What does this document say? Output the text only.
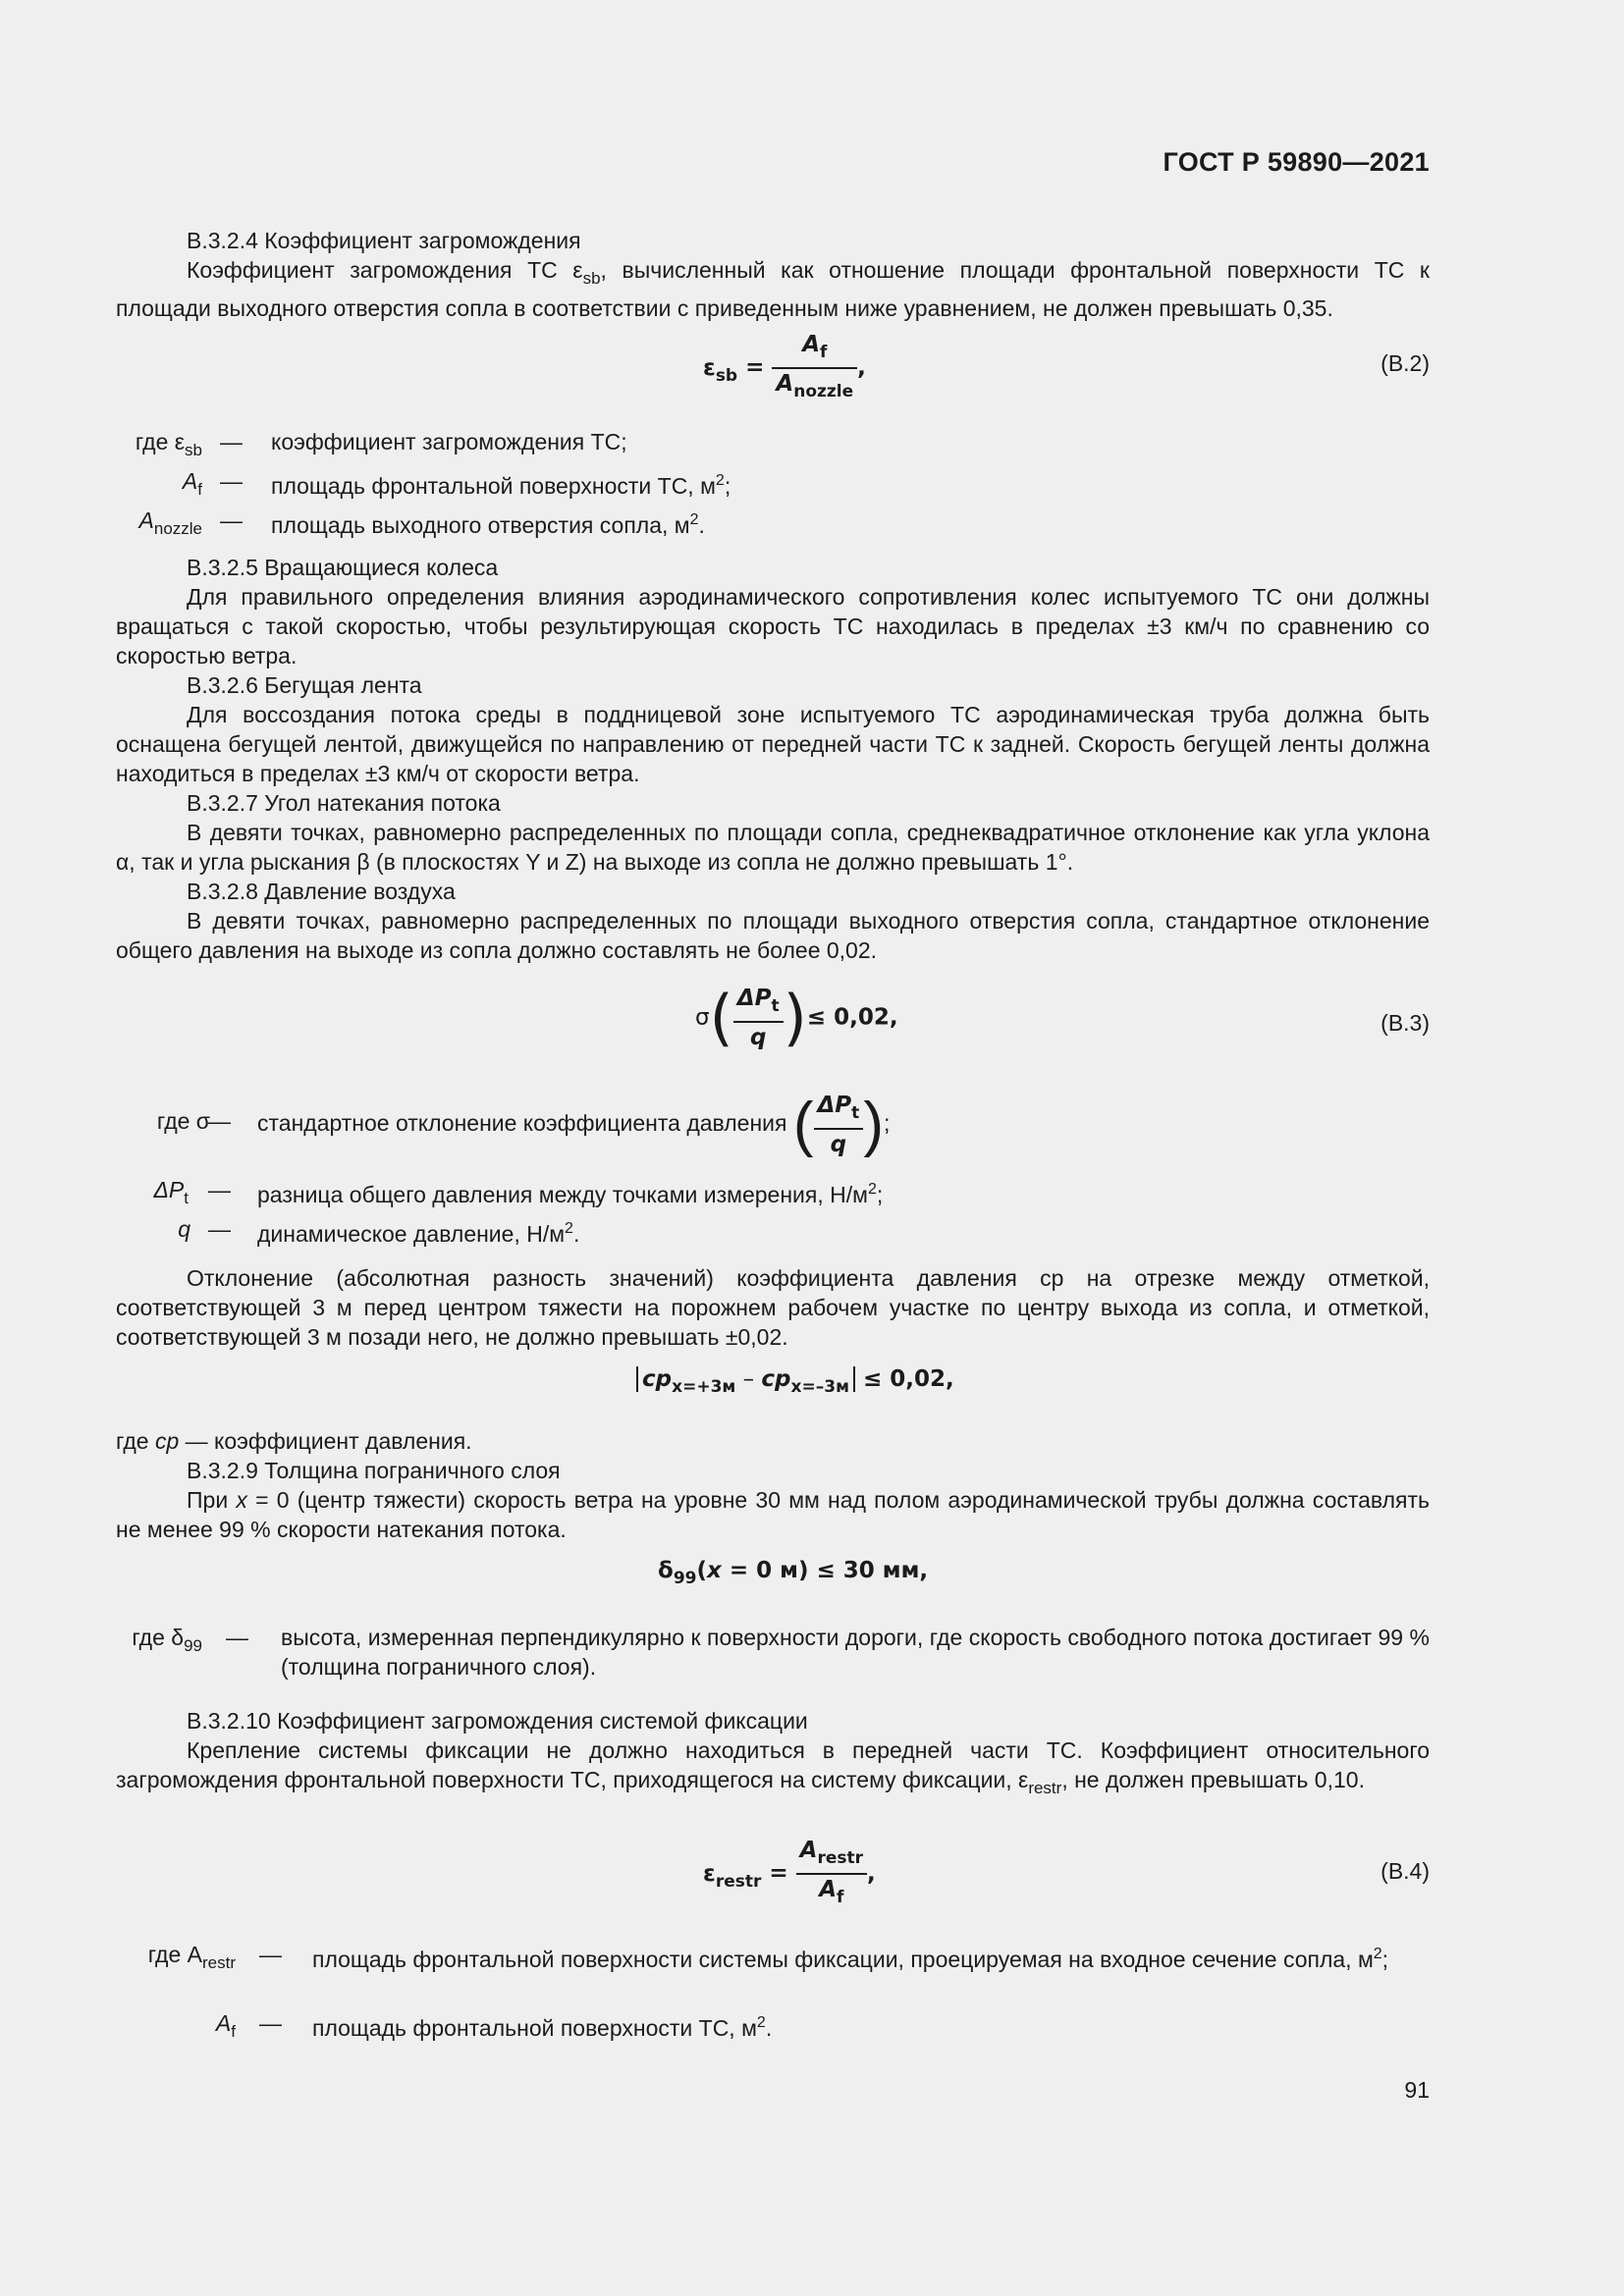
ГОСТ Р 59890—2021
В.3.2.4 Коэффициент загромождения
Коэффициент загромождения ТС $\varepsilon_{sb}$, вычисленный как отношение площади фронтальной поверхности ТС к площади выходного отверстия сопла в соответствии с приведенным ниже уравнением, не должен превышать 0,35.
$\varepsilon_{sb} = \frac{A_f}{A_{nozzle}}$ ,	(В.2)
где $\varepsilon_{sb}$ — коэффициент загромождения ТС;
$A_f$ — площадь фронтальной поверхности ТС, $м^2$;
$A_{nozzle}$ — площадь выходного отверстия сопла, $м^2$.
В.3.2.5 Вращающиеся колеса
Для правильного определения влияния аэродинамического сопротивления колес испытуемого ТС они должны вращаться с такой скоростью, чтобы результирующая скорость ТС находилась в пределах ±3 км/ч по сравнению со скоростью ветра.
В.3.2.6 Бегущая лента
Для воссоздания потока среды в поддницевой зоне испытуемого ТС аэродинамическая труба должна быть оснащена бегущей лентой, движущейся по направлению от передней части ТС к задней. Скорость бегущей ленты должна находиться в пределах ±3 км/ч от скорости ветра.
В.3.2.7 Угол натекания потока
В девяти точках, равномерно распределенных по площади сопла, среднеквадратичное отклонение как угла уклона α, так и угла рыскания β (в плоскостях Y и Z) на выходе из сопла не должно превышать 1°.
В.3.2.8 Давление воздуха
В девяти точках, равномерно распределенных по площади выходного отверстия сопла, стандартное отклонение общего давления на выходе из сопла должно составлять не более 0,02.
$\sigma( \frac{\Delta P_t}{q}$ )≤ 0,02,	(В.3)
где σ
— стандартное отклонение коэффициента давления ( $\frac{\Delta P_t}{q}$ );
$\Delta P_t$ — разница общего давления между точками измерения, $Н/м^2$;
q — динамическое давление, $Н/м^2$.
Отклонение (абсолютная разность значений) коэффициента давления cp на отрезке между отметкой, соответствующей 3 м перед центром тяжести на порожнем рабочем участке по центру выхода из сопла, и отметкой, соответствующей 3 м позади него, не должно превышать ±0,02.
$cp_{x=+3м} - cp_{x=-3м} \le 0,02$,
где cp — коэффициент давления.
В.3.2.9 Толщина пограничного слоя
При x = 0 (центр тяжести) скорость ветра на уровне 30 мм над полом аэродинамической трубы должна составлять не менее 99 % скорости натекания потока.
$\delta_{99}(x = 0$ м) ≤ 30 мм,
где $\delta_{99}$ — высота, измеренная перпендикулярно к поверхности дороги, где скорость свободного потока достигает 99 % (толщина пограничного слоя).
В.3.2.10 Коэффициент загромождения системой фиксации
Крепление системы фиксации не должно находиться в передней части ТС. Коэффициент относительного загромождения фронтальной поверхности ТС, приходящегося на систему фиксации, $\varepsilon_{restr}$, не должен превышать 0,10.
$\varepsilon_{restr} = \frac{A_{restr}}{A_f}$ ,	(В.4)
где $A_{restr}$ — площадь фронтальной поверхности системы фиксации, проецируемая на входное сечение сопла, $м^2$;
$A_f$ — площадь фронтальной поверхности ТС, $м^2$.
91
